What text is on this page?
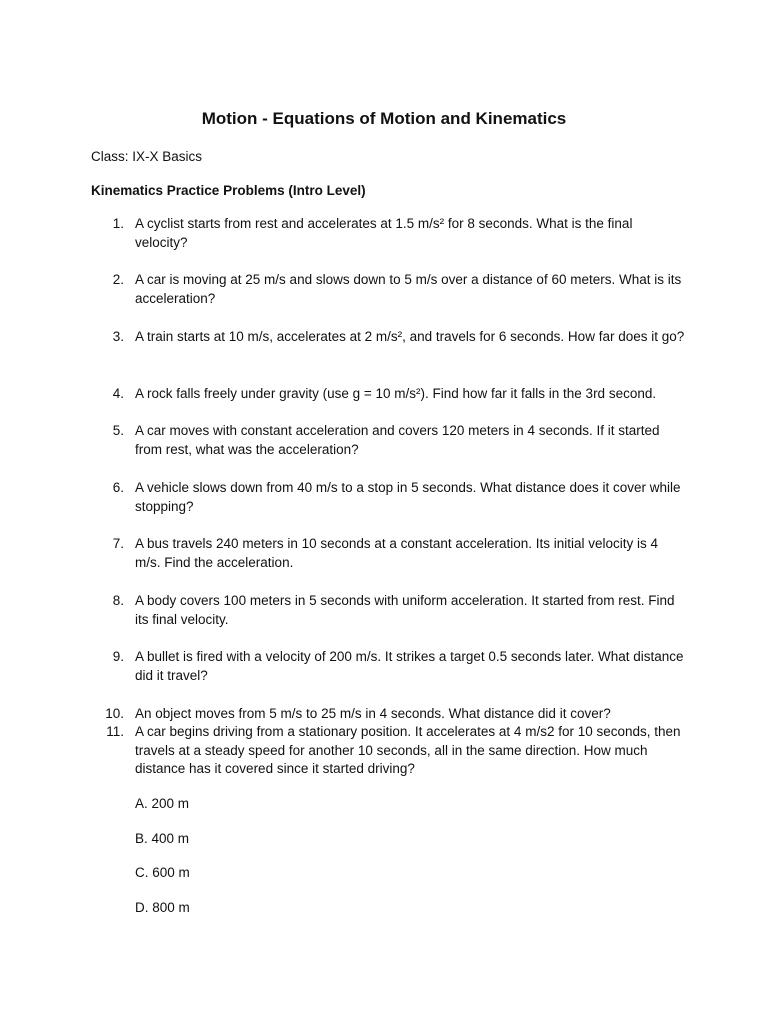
Motion - Equations of Motion and Kinematics
Class: IX-X Basics
Kinematics Practice Problems (Intro Level)
1. A cyclist starts from rest and accelerates at 1.5 m/s² for 8 seconds. What is the final velocity?
2. A car is moving at 25 m/s and slows down to 5 m/s over a distance of 60 meters. What is its acceleration?
3. A train starts at 10 m/s, accelerates at 2 m/s², and travels for 6 seconds. How far does it go?
4. A rock falls freely under gravity (use g = 10 m/s²). Find how far it falls in the 3rd second.
5. A car moves with constant acceleration and covers 120 meters in 4 seconds. If it started from rest, what was the acceleration?
6. A vehicle slows down from 40 m/s to a stop in 5 seconds. What distance does it cover while stopping?
7. A bus travels 240 meters in 10 seconds at a constant acceleration. Its initial velocity is 4 m/s. Find the acceleration.
8. A body covers 100 meters in 5 seconds with uniform acceleration. It started from rest. Find its final velocity.
9. A bullet is fired with a velocity of 200 m/s. It strikes a target 0.5 seconds later. What distance did it travel?
10. An object moves from 5 m/s to 25 m/s in 4 seconds. What distance did it cover?
11. A car begins driving from a stationary position. It accelerates at 4 m/s2 for 10 seconds, then travels at a steady speed for another 10 seconds, all in the same direction. How much distance has it covered since it started driving?
A. 200 m
B. 400 m
C. 600 m
D. 800 m
